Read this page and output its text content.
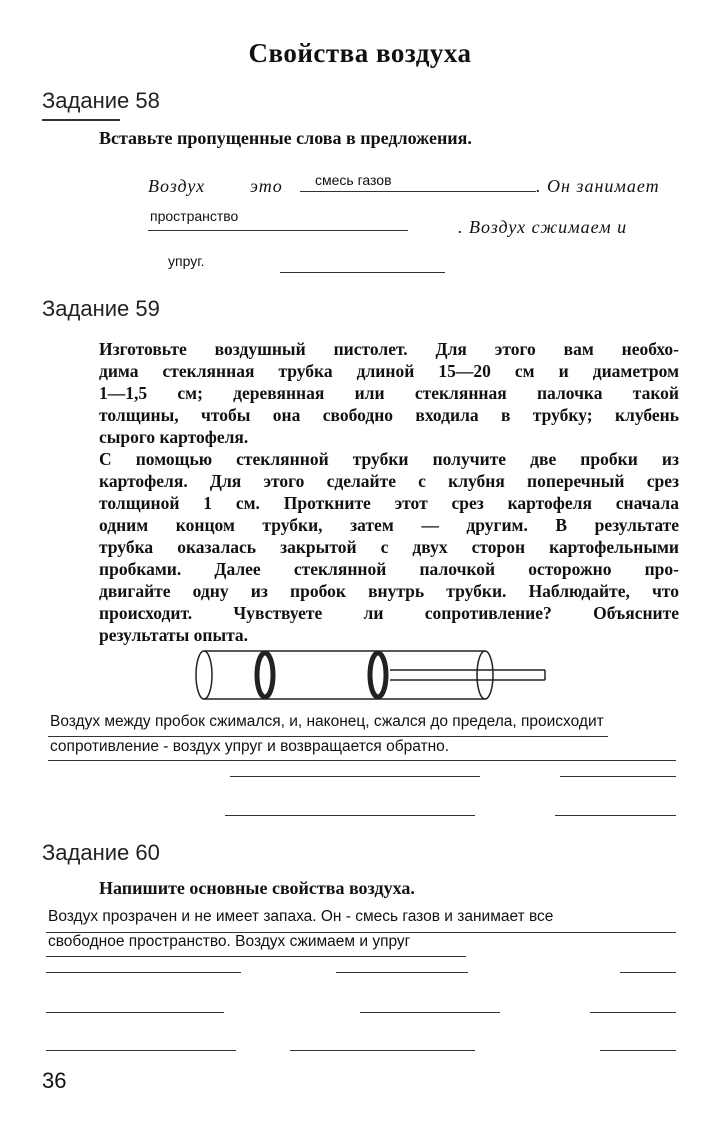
Свойства воздуха
Задание 58
Вставьте пропущенные слова в предложения.
Воздух это смесь газов	. Он занимает
пространство
. Воздух сжимаем и
упруг.
Задание 59
Изготовьте воздушный пистолет. Для этого вам необхо-
дима стеклянная трубка длиной 15—20 см и диаметром
1—1,5 см; деревянная или стеклянная палочка такой
толщины, чтобы она свободно входила в трубку; клубень
сырого картофеля.
С помощью стеклянной трубки получите две пробки из
картофеля. Для этого сделайте с клубня поперечный срез
толщиной 1 см. Проткните этот срез картофеля сначала
одним концом трубки, затем — другим. В результате
трубка оказалась закрытой с двух сторон картофельными
пробками. Далее стеклянной палочкой осторожно про-
двигайте одну из пробок внутрь трубки. Наблюдайте, что
происходит. Чувствуете ли сопротивление? Объясните
результаты опыта.
Воздух между пробок сжимался, и, наконец, сжался до предела, происходит
сопротивление - воздух упруг и возвращается обратно.
Задание 60
Напишите основные свойства воздуха.
Воздух прозрачен и не имеет запаха. Он - смесь газов и занимает все
свободное пространство. Воздух сжимаем и упруг
36
